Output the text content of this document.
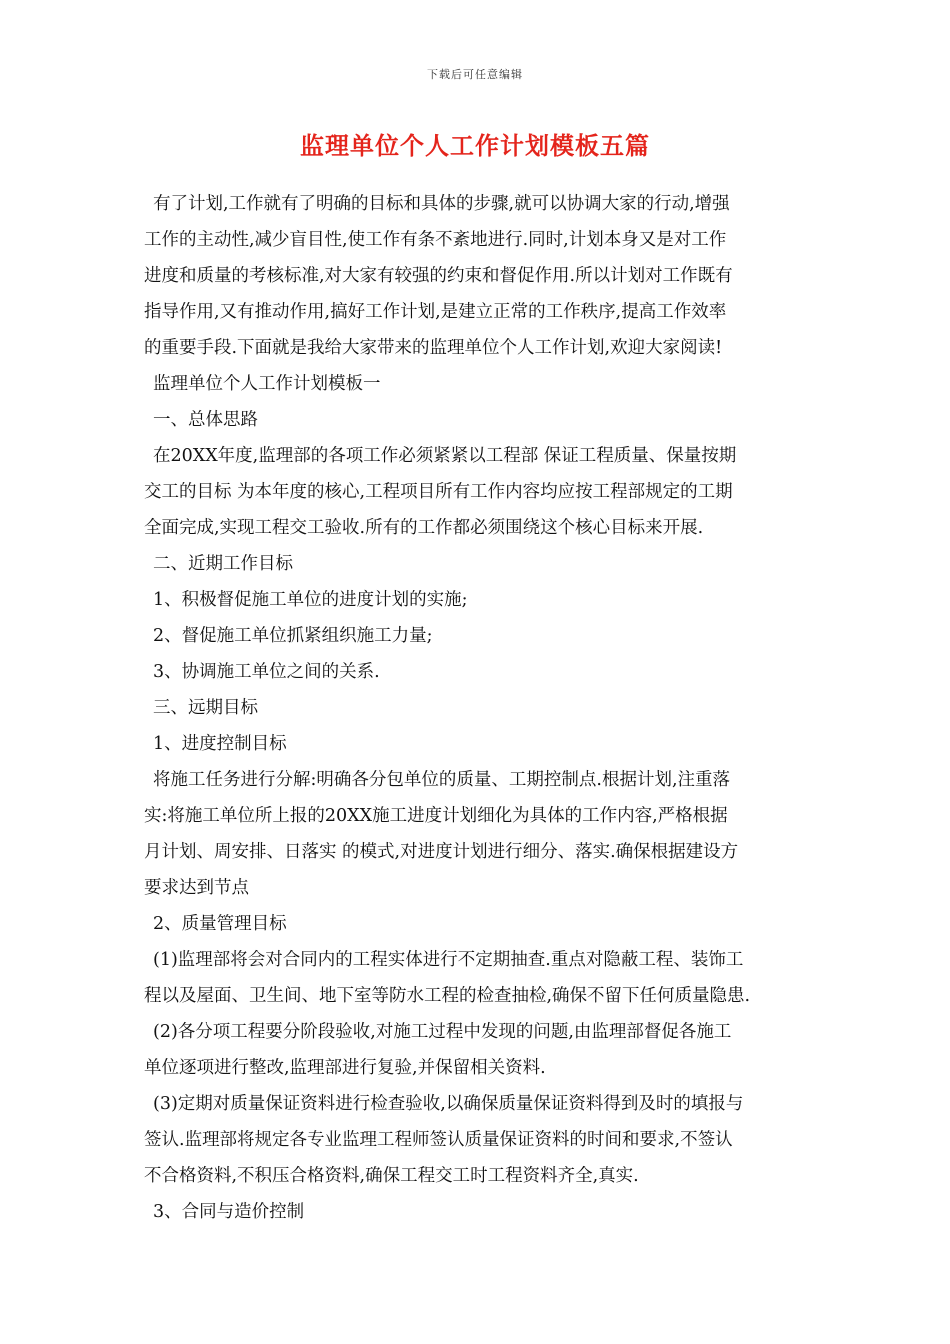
下载后可任意编辑
监理单位个人工作计划模板五篇
有了计划,工作就有了明确的目标和具体的步骤,就可以协调大家的行动,增强
工作的主动性,减少盲目性,使工作有条不紊地进行.同时,计划本身又是对工作
进度和质量的考核标准,对大家有较强的约束和督促作用.所以计划对工作既有
指导作用,又有推动作用,搞好工作计划,是建立正常的工作秩序,提高工作效率
的重要手段.下面就是我给大家带来的监理单位个人工作计划,欢迎大家阅读!
监理单位个人工作计划模板一
一、总体思路
在20XX年度,监理部的各项工作必须紧紧以工程部 保证工程质量、保量按期
交工的目标 为本年度的核心,工程项目所有工作内容均应按工程部规定的工期
全面完成,实现工程交工验收.所有的工作都必须围绕这个核心目标来开展.
二、近期工作目标
1、积极督促施工单位的进度计划的实施;
2、督促施工单位抓紧组织施工力量;
3、协调施工单位之间的关系.
三、远期目标
1、进度控制目标
将施工任务进行分解:明确各分包单位的质量、工期控制点.根据计划,注重落
实:将施工单位所上报的20XX施工进度计划细化为具体的工作内容,严格根据
月计划、周安排、日落实 的模式,对进度计划进行细分、落实.确保根据建设方
要求达到节点
2、质量管理目标
(1)监理部将会对合同内的工程实体进行不定期抽查.重点对隐蔽工程、装饰工
程以及屋面、卫生间、地下室等防水工程的检查抽检,确保不留下任何质量隐患.
(2)各分项工程要分阶段验收,对施工过程中发现的问题,由监理部督促各施工
单位逐项进行整改,监理部进行复验,并保留相关资料.
(3)定期对质量保证资料进行检查验收,以确保质量保证资料得到及时的填报与
签认.监理部将规定各专业监理工程师签认质量保证资料的时间和要求,不签认
不合格资料,不积压合格资料,确保工程交工时工程资料齐全,真实.
3、合同与造价控制
